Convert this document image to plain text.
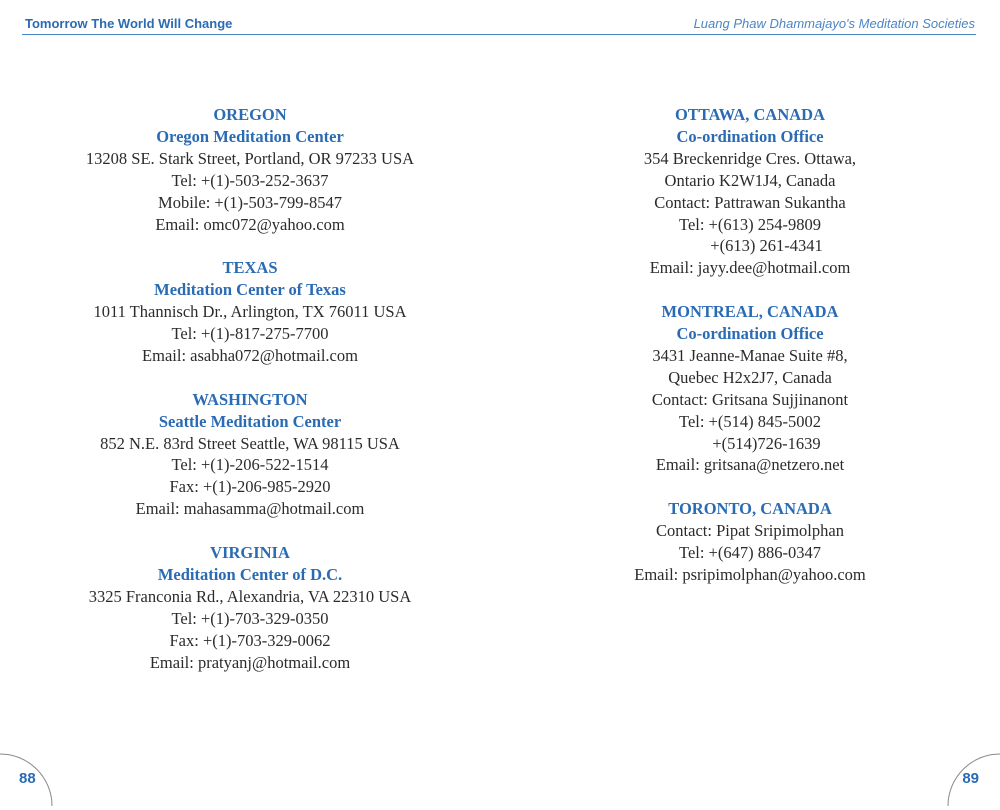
Tomorrow The World Will Change	Luang Phaw Dhammajayo's Meditation Societies
OREGON
Oregon Meditation Center
13208 SE. Stark Street, Portland, OR 97233 USA
Tel: +(1)-503-252-3637
Mobile: +(1)-503-799-8547
Email: omc072@yahoo.com
TEXAS
Meditation Center of Texas
1011 Thannisch Dr., Arlington, TX 76011 USA
Tel: +(1)-817-275-7700
Email: asabha072@hotmail.com
WASHINGTON
Seattle Meditation Center
852 N.E. 83rd Street Seattle, WA 98115 USA
Tel: +(1)-206-522-1514
Fax: +(1)-206-985-2920
Email: mahasamma@hotmail.com
VIRGINIA
Meditation Center of D.C.
3325 Franconia Rd., Alexandria, VA 22310 USA
Tel: +(1)-703-329-0350
Fax: +(1)-703-329-0062
Email: pratyanj@hotmail.com
OTTAWA, CANADA
Co-ordination Office
354 Breckenridge Cres. Ottawa,
Ontario K2W1J4, Canada
Contact: Pattrawan Sukantha
Tel: +(613) 254-9809
+(613) 261-4341
Email: jayy.dee@hotmail.com
MONTREAL, CANADA
Co-ordination Office
3431 Jeanne-Manae Suite #8,
Quebec H2x2J7, Canada
Contact: Gritsana Sujjinanont
Tel: +(514) 845-5002
+(514)726-1639
Email: gritsana@netzero.net
TORONTO, CANADA
Contact: Pipat Sripimolphan
Tel: +(647) 886-0347
Email: psripimolphan@yahoo.com
88	89
